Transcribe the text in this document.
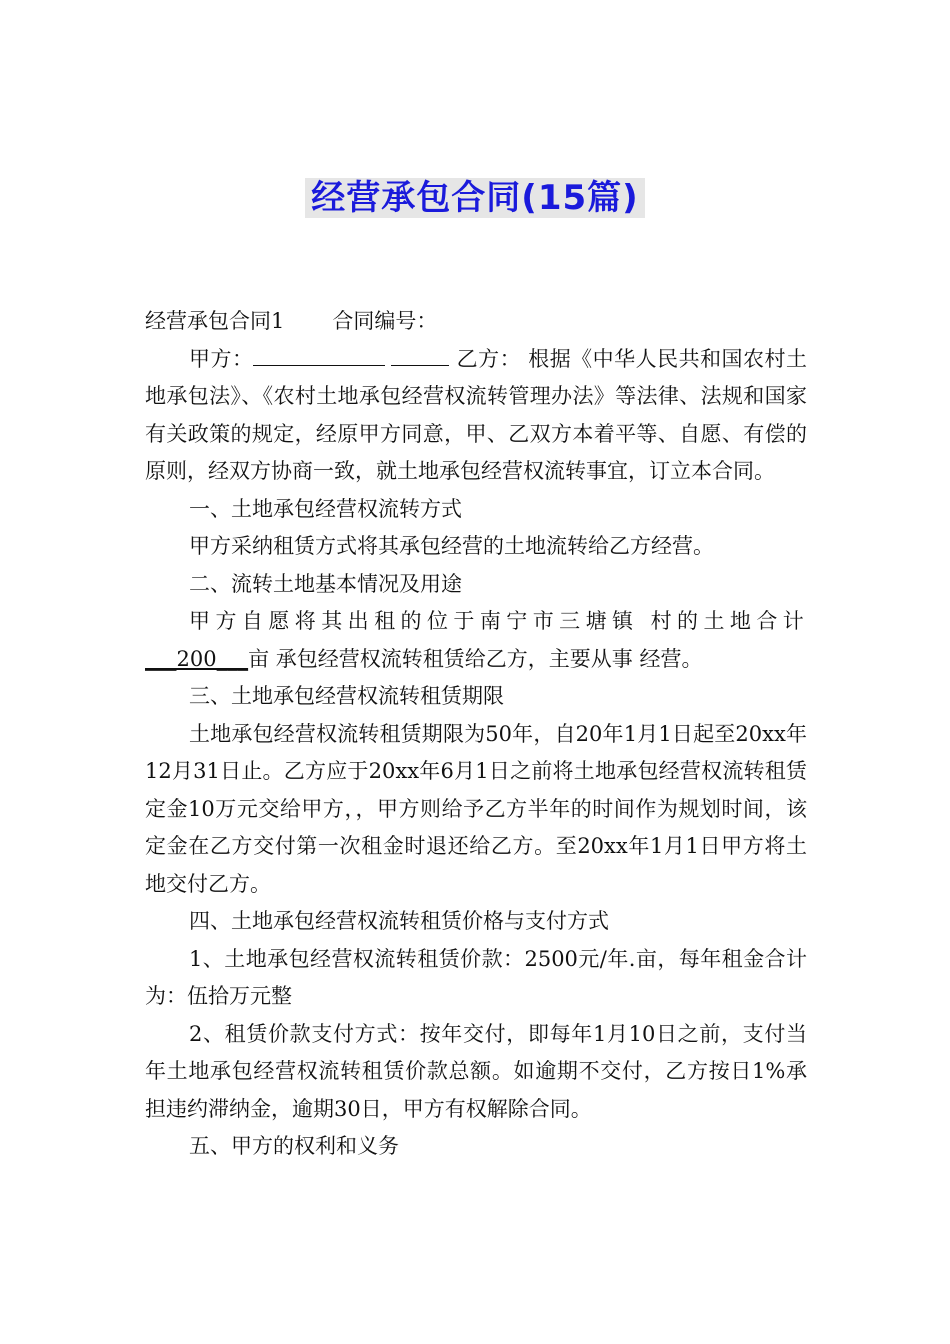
经营承包合同(15篇)

经营承包合同1 合同编号：

甲方：	乙方： 根据《中华人民共和国农村土地承包法》、《农村土地承包经营权流转管理办法》等法律、法规和国家有关政策的规定，经原甲方同意，甲、乙双方本着平等、自愿、有偿的原则，经双方协商一致，就土地承包经营权流转事宜，订立本合同。

一、土地承包经营权流转方式

甲方采纳租赁方式将其承包经营的土地流转给乙方经营。

二、流转土地基本情况及用途

甲方自愿将其出租的位于南宁市三塘镇 村的土地合计___200___亩 承包经营权流转租赁给乙方，主要从事 经营。

三、土地承包经营权流转租赁期限

土地承包经营权流转租赁期限为50年，自20年1月1日起至20xx年12月31日止。乙方应于20xx年6月1日之前将土地承包经营权流转租赁定金10万元交给甲方，，甲方则给予乙方半年的时间作为规划时间，该定金在乙方交付第一次租金时退还给乙方。至20xx年1月1日甲方将土地交付乙方。

四、土地承包经营权流转租赁价格与支付方式

1、土地承包经营权流转租赁价款：2500元/年.亩，每年租金合计为：伍拾万元整

2、租赁价款支付方式：按年交付，即每年1月10日之前，支付当年土地承包经营权流转租赁价款总额。如逾期不交付，乙方按日1%承担违约滞纳金，逾期30日，甲方有权解除合同。

五、甲方的权利和义务
